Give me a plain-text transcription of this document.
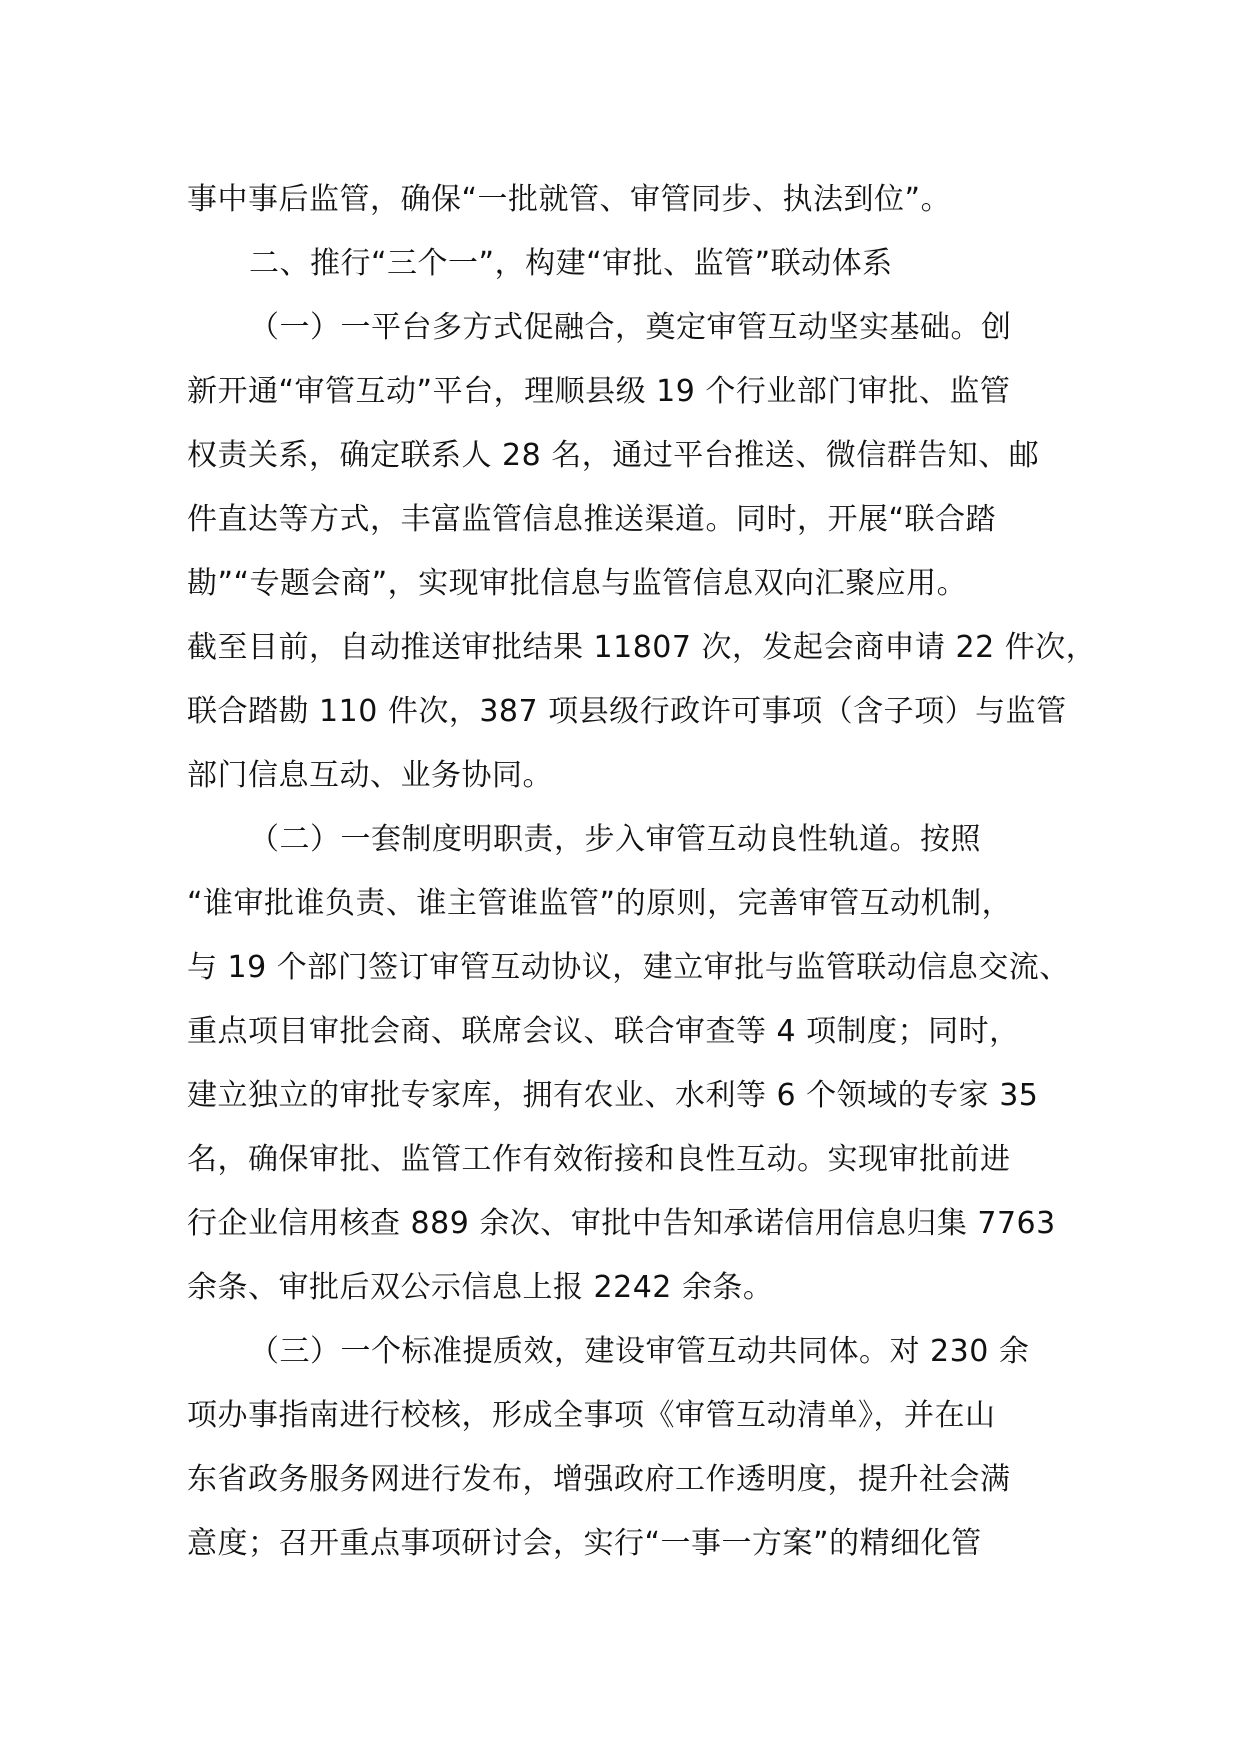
事中事后监管，确保“一批就管、审管同步、执法到位”。
二、推行“三个一”，构建“审批、监管”联动体系
（一）一平台多方式促融合，奠定审管互动坚实基础。创
新开通“审管互动”平台，理顺县级 19 个行业部门审批、监管
权责关系，确定联系人 28 名，通过平台推送、微信群告知、邮
件直达等方式，丰富监管信息推送渠道。同时，开展“联合踏
勘”“专题会商”，实现审批信息与监管信息双向汇聚应用。
截至目前，自动推送审批结果 11807 次，发起会商申请 22 件次，
联合踏勘 110 件次，387 项县级行政许可事项（含子项）与监管
部门信息互动、业务协同。
（二）一套制度明职责，步入审管互动良性轨道。按照
“谁审批谁负责、谁主管谁监管”的原则，完善审管互动机制，
与 19 个部门签订审管互动协议，建立审批与监管联动信息交流、
重点项目审批会商、联席会议、联合审查等 4 项制度；同时，
建立独立的审批专家库，拥有农业、水利等 6 个领域的专家 35
名，确保审批、监管工作有效衔接和良性互动。实现审批前进
行企业信用核查 889 余次、审批中告知承诺信用信息归集 7763
余条、审批后双公示信息上报 2242 余条。
（三）一个标准提质效，建设审管互动共同体。对 230 余
项办事指南进行校核，形成全事项《审管互动清单》，并在山
东省政务服务网进行发布，增强政府工作透明度，提升社会满
意度；召开重点事项研讨会，实行“一事一方案”的精细化管
